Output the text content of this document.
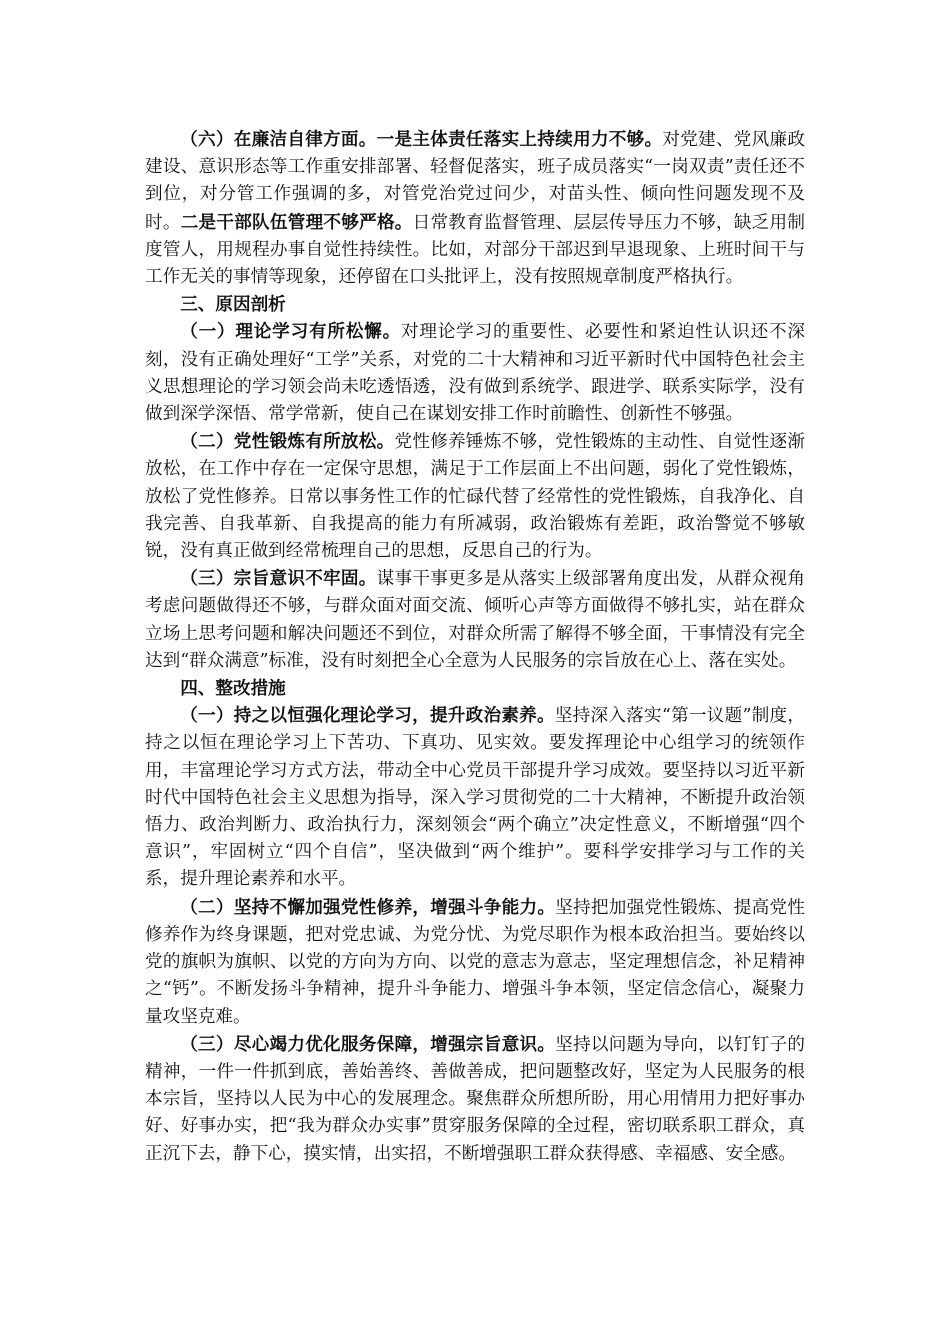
（六）在廉洁自律方面。一是主体责任落实上持续用力不够。对党建、党风廉政建设、意识形态等工作重安排部署、轻督促落实，班子成员落实“一岗双责”责任还不到位，对分管工作强调的多，对管党治党过问少，对苗头性、倾向性问题发现不及时。二是干部队伍管理不够严格。日常教育监督管理、层层传导压力不够，缺乏用制度管人，用规程办事自觉性持续性。比如，对部分干部迟到早退现象、上班时间干与工作无关的事情等现象，还停留在口头批评上，没有按照规章制度严格执行。

三、原因剖析

（一）理论学习有所松懈。对理论学习的重要性、必要性和紧迫性认识还不深刻，没有正确处理好“工学”关系，对党的二十大精神和习近平新时代中国特色社会主义思想理论的学习领会尚未吃透悟透，没有做到系统学、跟进学、联系实际学，没有做到深学深悟、常学常新，使自己在谋划安排工作时前瞻性、创新性不够强。

（二）党性锻炼有所放松。党性修养锤炼不够，党性锻炼的主动性、自觉性逐渐放松，在工作中存在一定保守思想，满足于工作层面上不出问题，弱化了党性锻炼，放松了党性修养。日常以事务性工作的忙碌代替了经常性的党性锻炼，自我净化、自我完善、自我革新、自我提高的能力有所减弱，政治锻炼有差距，政治警觉不够敏锐，没有真正做到经常梳理自己的思想，反思自己的行为。

（三）宗旨意识不牢固。谋事干事更多是从落实上级部署角度出发，从群众视角考虑问题做得还不够，与群众面对面交流、倾听心声等方面做得不够扎实，站在群众立场上思考问题和解决问题还不到位，对群众所需了解得不够全面，干事情没有完全达到“群众满意”标准，没有时刻把全心全意为人民服务的宗旨放在心上、落在实处。

四、整改措施

（一）持之以恒强化理论学习，提升政治素养。坚持深入落实“第一议题”制度，持之以恒在理论学习上下苦功、下真功、见实效。要发挥理论中心组学习的统领作用，丰富理论学习方式方法，带动全中心党员干部提升学习成效。要坚持以习近平新时代中国特色社会主义思想为指导，深入学习贯彻党的二十大精神，不断提升政治领悟力、政治判断力、政治执行力，深刻领会“两个确立”决定性意义，不断增强“四个意识”，牢固树立“四个自信”，坚决做到“两个维护”。要科学安排学习与工作的关系，提升理论素养和水平。

（二）坚持不懈加强党性修养，增强斗争能力。坚持把加强党性锻炼、提高党性修养作为终身课题，把对党忠诚、为党分忧、为党尽职作为根本政治担当。要始终以党的旗帜为旗帜、以党的方向为方向、以党的意志为意志，坚定理想信念，补足精神之“钙”。不断发扬斗争精神，提升斗争能力、增强斗争本领，坚定信念信心，凝聚力量攻坚克难。

（三）尽心竭力优化服务保障，增强宗旨意识。坚持以问题为导向，以钉钉子的精神，一件一件抓到底，善始善终、善做善成，把问题整改好，坚定为人民服务的根本宗旨，坚持以人民为中心的发展理念。聚焦群众所想所盼，用心用情用力把好事办好、好事办实，把“我为群众办实事”贯穿服务保障的全过程，密切联系职工群众，真正沉下去，静下心，摸实情，出实招，不断增强职工群众获得感、幸福感、安全感。
